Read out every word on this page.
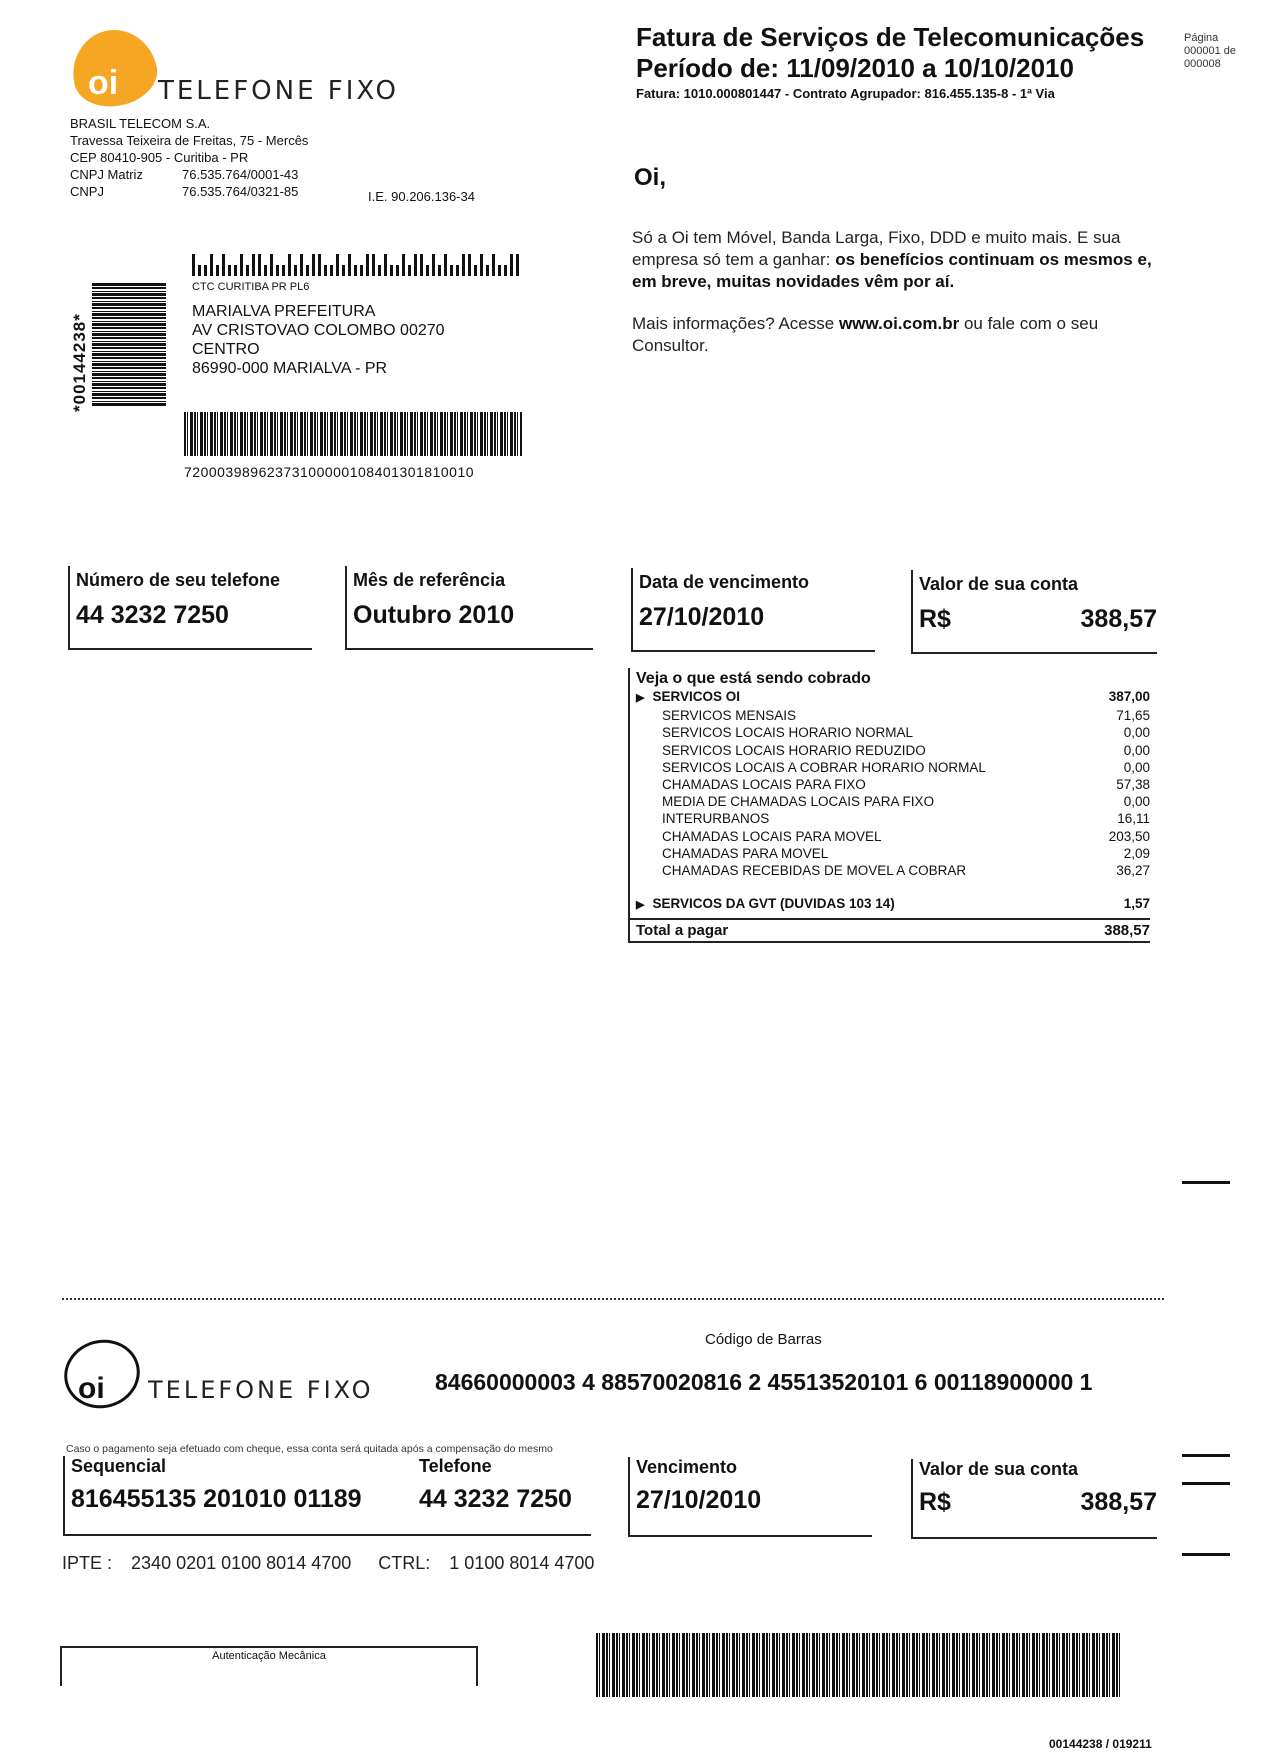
oi TELEFONE FIXO
BRASIL TELECOM S.A.
Travessa Teixeira de Freitas, 75 - Mercês
CEP 80410-905 - Curitiba - PR
CNPJ Matriz	76.535.764/0001-43
CNPJ	76.535.764/0321-85	I.E. 90.206.136-34
*00144238*
CTC CURITIBA PR PL6
MARIALVA PREFEITURA
AV CRISTOVAO COLOMBO 00270
CENTRO
86990-000 MARIALVA - PR
72000398962373100000108401301810010
Fatura de Serviços de Telecomunicações
Período de: 11/09/2010 a 10/10/2010
Fatura: 1010.000801447 - Contrato Agrupador: 816.455.135-8 - 1ª Via
Página
000001 de
000008
Oi,
Só a Oi tem Móvel, Banda Larga, Fixo, DDD e muito mais. E sua empresa só tem a ganhar: os benefícios continuam os mesmos e, em breve, muitas novidades vêm por aí.
Mais informações? Acesse www.oi.com.br ou fale com o seu Consultor.
Número de seu telefone
44 3232 7250
Mês de referência
Outubro 2010
Data de vencimento
27/10/2010
Valor de sua conta
R$	388,57
Veja o que está sendo cobrado
▶ SERVICOS OI	387,00
SERVICOS MENSAIS	71,65
SERVICOS LOCAIS HORARIO NORMAL	0,00
SERVICOS LOCAIS HORARIO REDUZIDO	0,00
SERVICOS LOCAIS A COBRAR HORARIO NORMAL	0,00
CHAMADAS LOCAIS PARA FIXO	57,38
MEDIA DE CHAMADAS LOCAIS PARA FIXO	0,00
INTERURBANOS	16,11
CHAMADAS LOCAIS PARA MOVEL	203,50
CHAMADAS PARA MOVEL	2,09
CHAMADAS RECEBIDAS DE MOVEL A COBRAR	36,27
▶ SERVICOS DA GVT (DUVIDAS 103 14)	1,57
Total a pagar	388,57
oi TELEFONE FIXO
Código de Barras
84660000003 4 88570020816 2 45513520101 6 00118900000 1
Caso o pagamento seja efetuado com cheque, essa conta será quitada após a compensação do mesmo
Sequencial
816455135 201010 01189
Telefone
44 3232 7250
Vencimento
27/10/2010
Valor de sua conta
R$	388,57
IPTE : 2340 0201 0100 8014 4700 CTRL: 1 0100 8014 4700
Autenticação Mecânica
00144238 / 019211
